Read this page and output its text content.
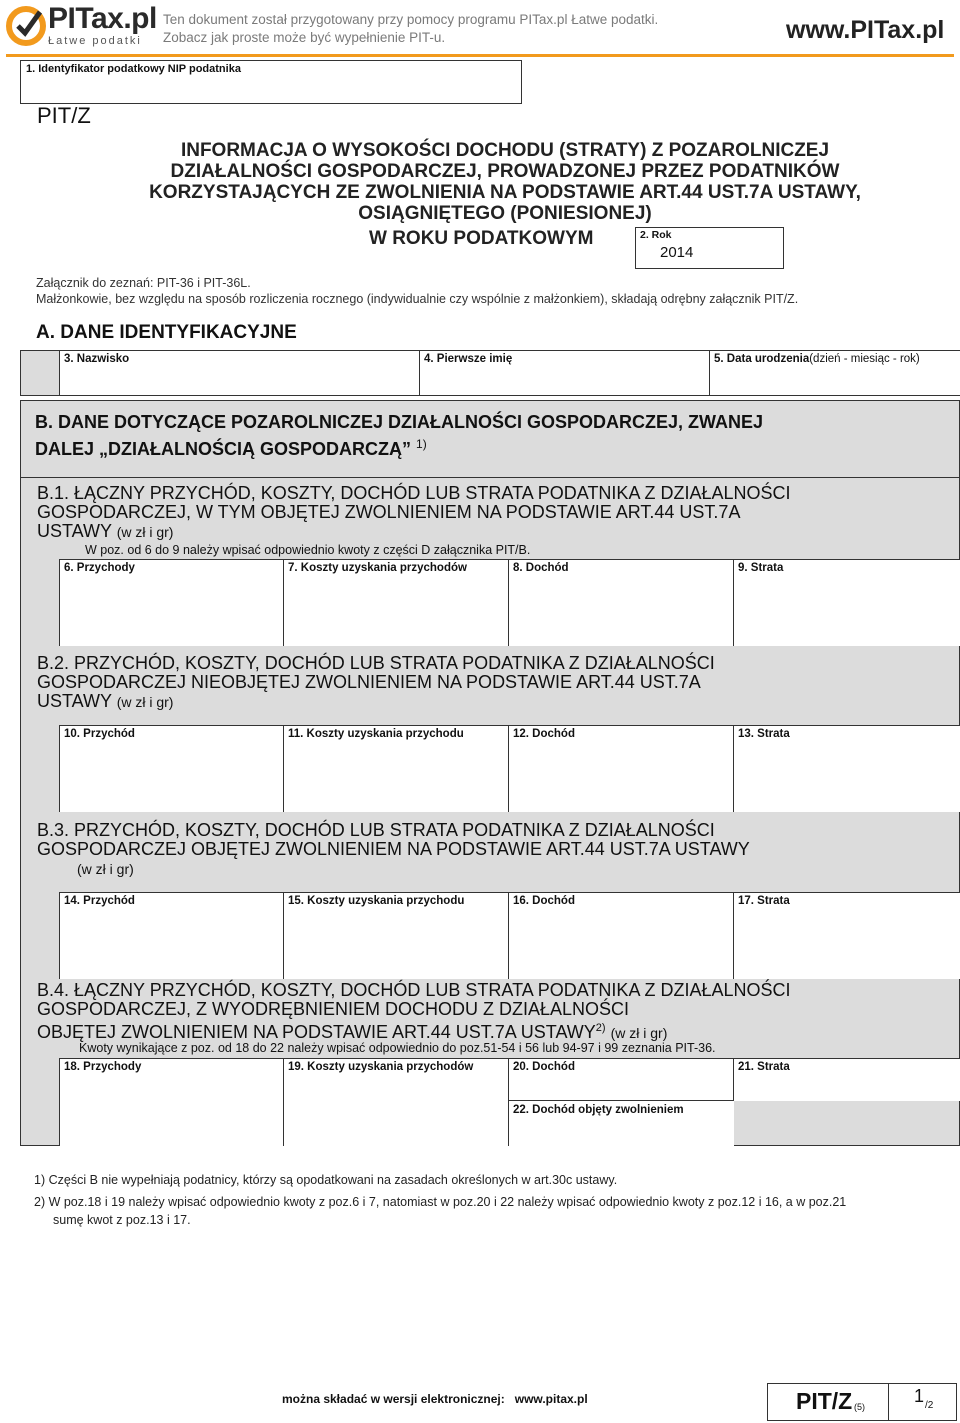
PITax.pl
Łatwe podatki
Ten dokument został przygotowany przy pomocy programu PITax.pl Łatwe podatki.
Zobacz jak proste może być wypełnienie PIT-u.	www.PITax.pl
1. Identyfikator podatkowy NIP podatnika
PIT/Z
INFORMACJA O WYSOKOŚCI DOCHODU (STRATY) Z POZAROLNICZEJ
DZIAŁALNOŚCI GOSPODARCZEJ, PROWADZONEJ PRZEZ PODATNIKÓW
KORZYSTAJĄCYCH ZE ZWOLNIENIA NA PODSTAWIE ART.44 UST.7A USTAWY,
OSIĄGNIĘTEGO (PONIESIONEJ)
W ROKU PODATKOWYM	2. Rok
2014
Załącznik do zeznań: PIT-36 i PIT-36L.
Małżonkowie, bez względu na sposób rozliczenia rocznego (indywidualnie czy wspólnie z małżonkiem), składają odrębny załącznik PIT/Z.
A. DANE IDENTYFIKACYJNE
3. Nazwisko	4. Pierwsze imię	5. Data urodzenia(dzień - miesiąc - rok)
B. DANE DOTYCZĄCE POZAROLNICZEJ DZIAŁALNOŚCI GOSPODARCZEJ, ZWANEJ
DALEJ „DZIAŁALNOŚCIĄ GOSPODARCZĄ” $^{1)}$
B.1. ŁĄCZNY PRZYCHÓD, KOSZTY, DOCHÓD LUB STRATA PODATNIKA Z DZIAŁALNOŚCI
GOSPODARCZEJ, W TYM OBJĘTEJ ZWOLNIENIEM NA PODSTAWIE ART.44 UST.7A
USTAWY (w zł i gr)
W poz. od 6 do 9 należy wpisać odpowiednio kwoty z części D załącznika PIT/B.
6. Przychody	7. Koszty uzyskania przychodów	8. Dochód	9. Strata
B.2. PRZYCHÓD, KOSZTY, DOCHÓD LUB STRATA PODATNIKA Z DZIAŁALNOŚCI
GOSPODARCZEJ NIEOBJĘTEJ ZWOLNIENIEM NA PODSTAWIE ART.44 UST.7A
USTAWY (w zł i gr)
10. Przychód	11. Koszty uzyskania przychodu	12. Dochód	13. Strata
B.3. PRZYCHÓD, KOSZTY, DOCHÓD LUB STRATA PODATNIKA Z DZIAŁALNOŚCI
GOSPODARCZEJ OBJĘTEJ ZWOLNIENIEM NA PODSTAWIE ART.44 UST.7A USTAWY
(w zł i gr)
14. Przychód	15. Koszty uzyskania przychodu	16. Dochód	17. Strata
B.4. ŁĄCZNY PRZYCHÓD, KOSZTY, DOCHÓD LUB STRATA PODATNIKA Z DZIAŁALNOŚCI
GOSPODARCZEJ, Z WYODRĘBNIENIEM DOCHODU Z DZIAŁALNOŚCI
OBJĘTEJ ZWOLNIENIEM NA PODSTAWIE ART.44 UST.7A USTAWY$^{2)}$ (w zł i gr)
Kwoty wynikające z poz. od 18 do 22 należy wpisać odpowiednio do poz.51-54 i 56 lub 94-97 i 99 zeznania PIT-36.
18. Przychody	19. Koszty uzyskania przychodów	20. Dochód	21. Strata
22. Dochód objęty zwolnieniem
1) Części B nie wypełniają podatnicy, którzy są opodatkowani na zasadach określonych w art.30c ustawy.
2) W poz.18 i 19 należy wpisać odpowiednio kwoty z poz.6 i 7, natomiast w poz.20 i 22 należy wpisać odpowiednio kwoty z poz.12 i 16, a w poz.21
sumę kwot z poz.13 i 17.
można składać w wersji elektronicznej: www.pitax.pl	PIT/Z (5)
1 /2
